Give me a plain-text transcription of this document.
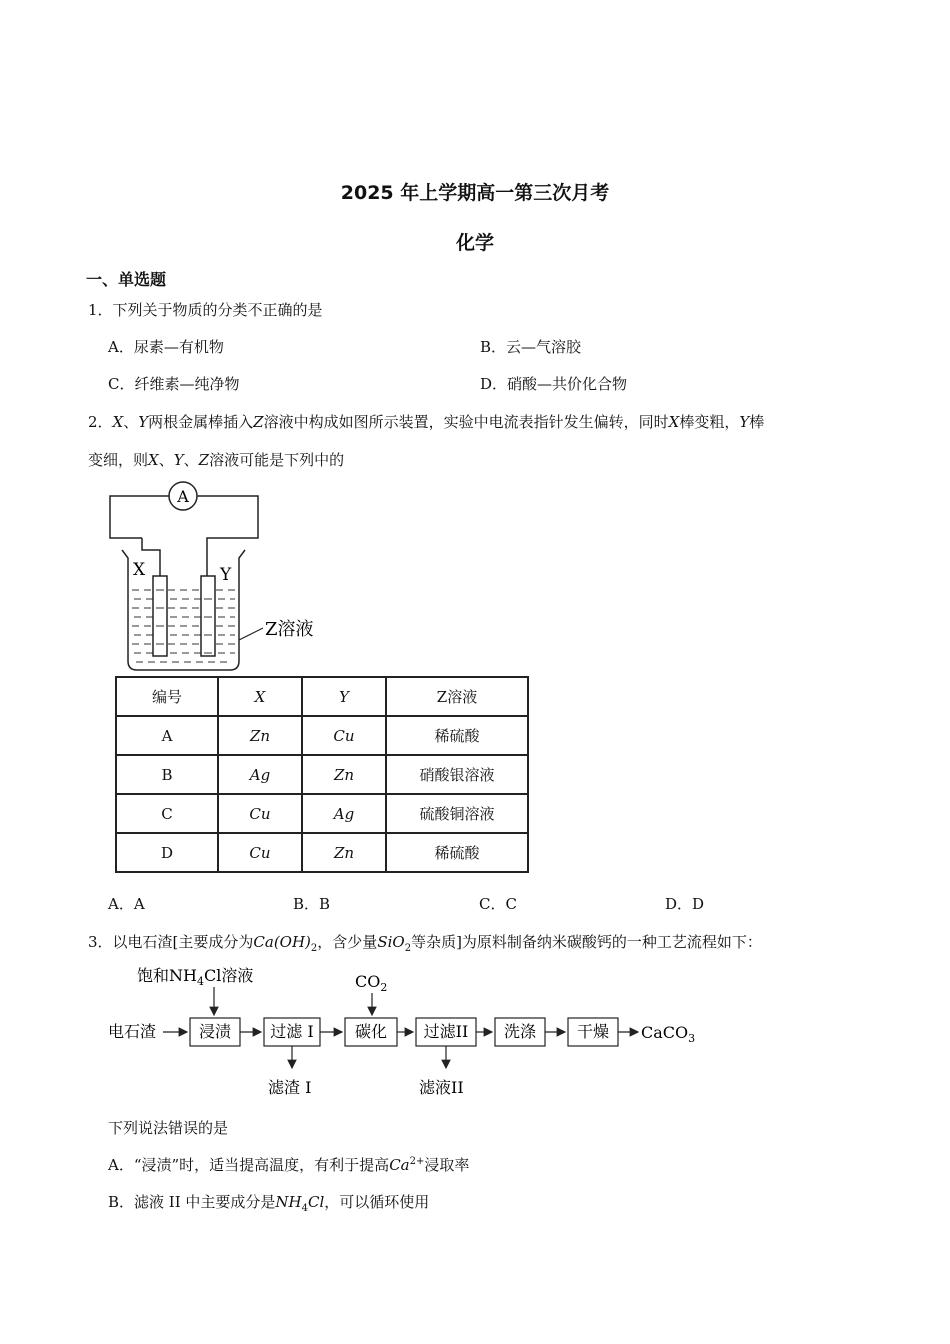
2025 年上学期高一第三次月考
化学
一、单选题
1．下列关于物质的分类不正确的是
A．尿素—有机物	B．云—气溶胶
C．纤维素—纯净物	D．硝酸—共价化合物
2．X、Y两根金属棒插入Z溶液中构成如图所示装置，实验中电流表指针发生偏转，同时X棒变粗，Y棒
变细，则X、Y、Z溶液可能是下列中的
A
X	Y
Z溶液
编号	X	Y	Z溶液
A	Zn	Cu	稀硫酸
B	Ag	Zn	硝酸银溶液
C	Cu	Ag	硫酸铜溶液
D	Cu	Zn	稀硫酸
A．A	B．B	C．C	D．D
3．以电石渣[主要成分为$Ca(OH)_2$，含少量SiO$_2$等杂质]为原料制备纳米碳酸钙的一种工艺流程如下：
饱和$NH_4Cl$溶液	$CO_2$
电石渣	浸渍 过滤 I	碳化 过滤II 洗涤	干燥 CaCO$_3$
滤渣 I	滤液II
下列说法错误的是
A．“浸渍”时，适当提高温度，有利于提高$Ca^{2+}$浸取率
B．滤液 II 中主要成分是$NH_4Cl$，可以循环使用
